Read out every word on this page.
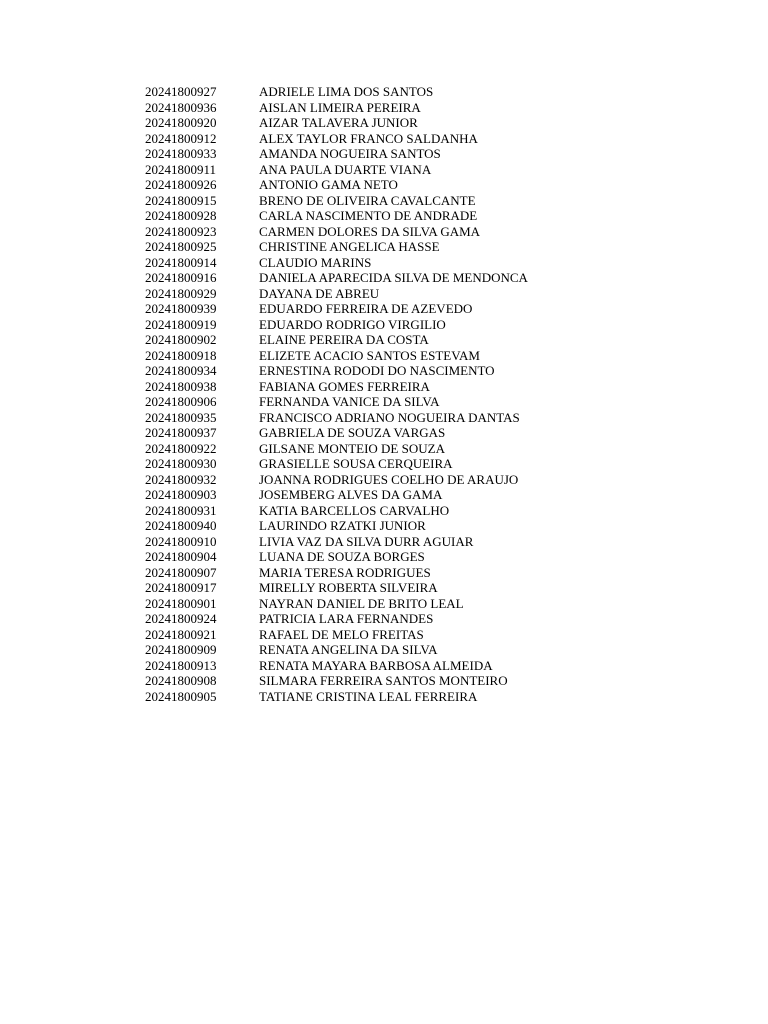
20241800927	ADRIELE LIMA DOS SANTOS
20241800936	AISLAN LIMEIRA PEREIRA
20241800920	AIZAR TALAVERA JUNIOR
20241800912	ALEX TAYLOR FRANCO SALDANHA
20241800933	AMANDA NOGUEIRA SANTOS
20241800911	ANA PAULA DUARTE VIANA
20241800926	ANTONIO GAMA NETO
20241800915	BRENO DE OLIVEIRA CAVALCANTE
20241800928	CARLA NASCIMENTO DE ANDRADE
20241800923	CARMEN DOLORES DA SILVA GAMA
20241800925	CHRISTINE ANGELICA HASSE
20241800914	CLAUDIO MARINS
20241800916	DANIELA APARECIDA SILVA DE MENDONCA
20241800929	DAYANA DE ABREU
20241800939	EDUARDO FERREIRA DE AZEVEDO
20241800919	EDUARDO RODRIGO VIRGILIO
20241800902	ELAINE PEREIRA DA COSTA
20241800918	ELIZETE ACACIO SANTOS ESTEVAM
20241800934	ERNESTINA RODODI DO NASCIMENTO
20241800938	FABIANA GOMES FERREIRA
20241800906	FERNANDA VANICE DA SILVA
20241800935	FRANCISCO ADRIANO NOGUEIRA DANTAS
20241800937	GABRIELA DE SOUZA VARGAS
20241800922	GILSANE MONTEIO DE SOUZA
20241800930	GRASIELLE SOUSA CERQUEIRA
20241800932	JOANNA RODRIGUES COELHO DE ARAUJO
20241800903	JOSEMBERG ALVES DA GAMA
20241800931	KATIA BARCELLOS CARVALHO
20241800940	LAURINDO RZATKI JUNIOR
20241800910	LIVIA VAZ DA SILVA DURR AGUIAR
20241800904	LUANA DE SOUZA BORGES
20241800907	MARIA TERESA RODRIGUES
20241800917	MIRELLY ROBERTA SILVEIRA
20241800901	NAYRAN DANIEL DE BRITO LEAL
20241800924	PATRICIA LARA FERNANDES
20241800921	RAFAEL DE MELO FREITAS
20241800909	RENATA ANGELINA DA SILVA
20241800913	RENATA MAYARA BARBOSA ALMEIDA
20241800908	SILMARA FERREIRA SANTOS MONTEIRO
20241800905	TATIANE CRISTINA LEAL FERREIRA
